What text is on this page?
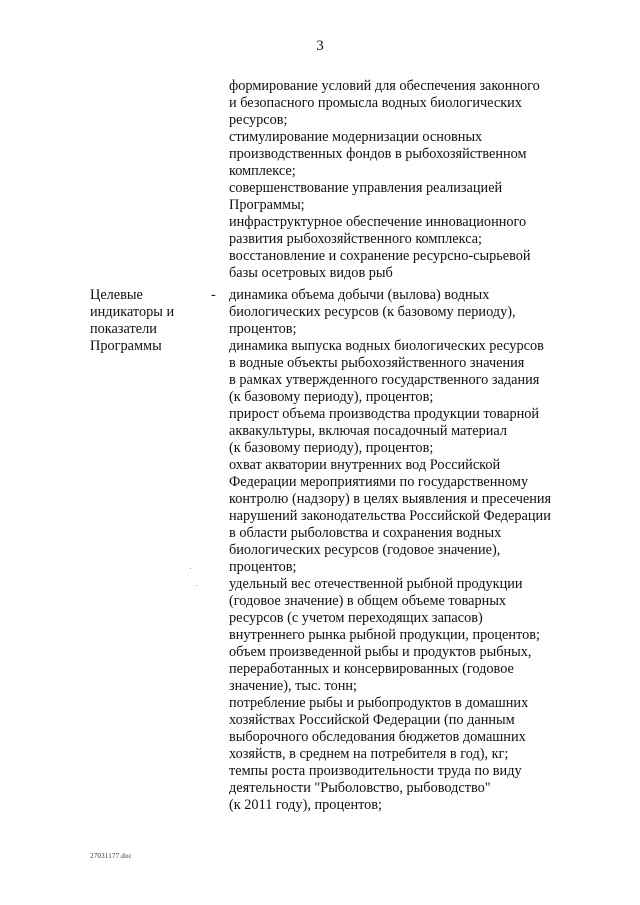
3
формирование условий для обеспечения законного
и безопасного промысла водных биологических
ресурсов;
стимулирование модернизации основных
производственных фондов в рыбохозяйственном
комплексе;
совершенствование управления реализацией
Программы;
инфраструктурное обеспечение инновационного
развития рыбохозяйственного комплекса;
восстановление и сохранение ресурсно-сырьевой
базы осетровых видов рыб
Целевые
индикаторы и
показатели
Программы
- динамика объема добычи (вылова) водных
биологических ресурсов (к базовому периоду),
процентов;
динамика выпуска водных биологических ресурсов
в водные объекты рыбохозяйственного значения
в рамках утвержденного государственного задания
(к базовому периоду), процентов;
прирост объема производства продукции товарной
аквакультуры, включая посадочный материал
(к базовому периоду), процентов;
охват акватории внутренних вод Российской
Федерации мероприятиями по государственному
контролю (надзору) в целях выявления и пресечения
нарушений законодательства Российской Федерации
в области рыболовства и сохранения водных
биологических ресурсов (годовое значение),
процентов;
удельный вес отечественной рыбной продукции
(годовое значение) в общем объеме товарных
ресурсов (с учетом переходящих запасов)
внутреннего рынка рыбной продукции, процентов;
объем произведенной рыбы и продуктов рыбных,
переработанных и консервированных (годовое
значение), тыс. тонн;
потребление рыбы и рыбопродуктов в домашних
хозяйствах Российской Федерации (по данным
выборочного обследования бюджетов домашних
хозяйств, в среднем на потребителя в год), кг;
темпы роста производительности труда по виду
деятельности "Рыболовство, рыбоводство"
(к 2011 году), процентов;
27031177.doc
